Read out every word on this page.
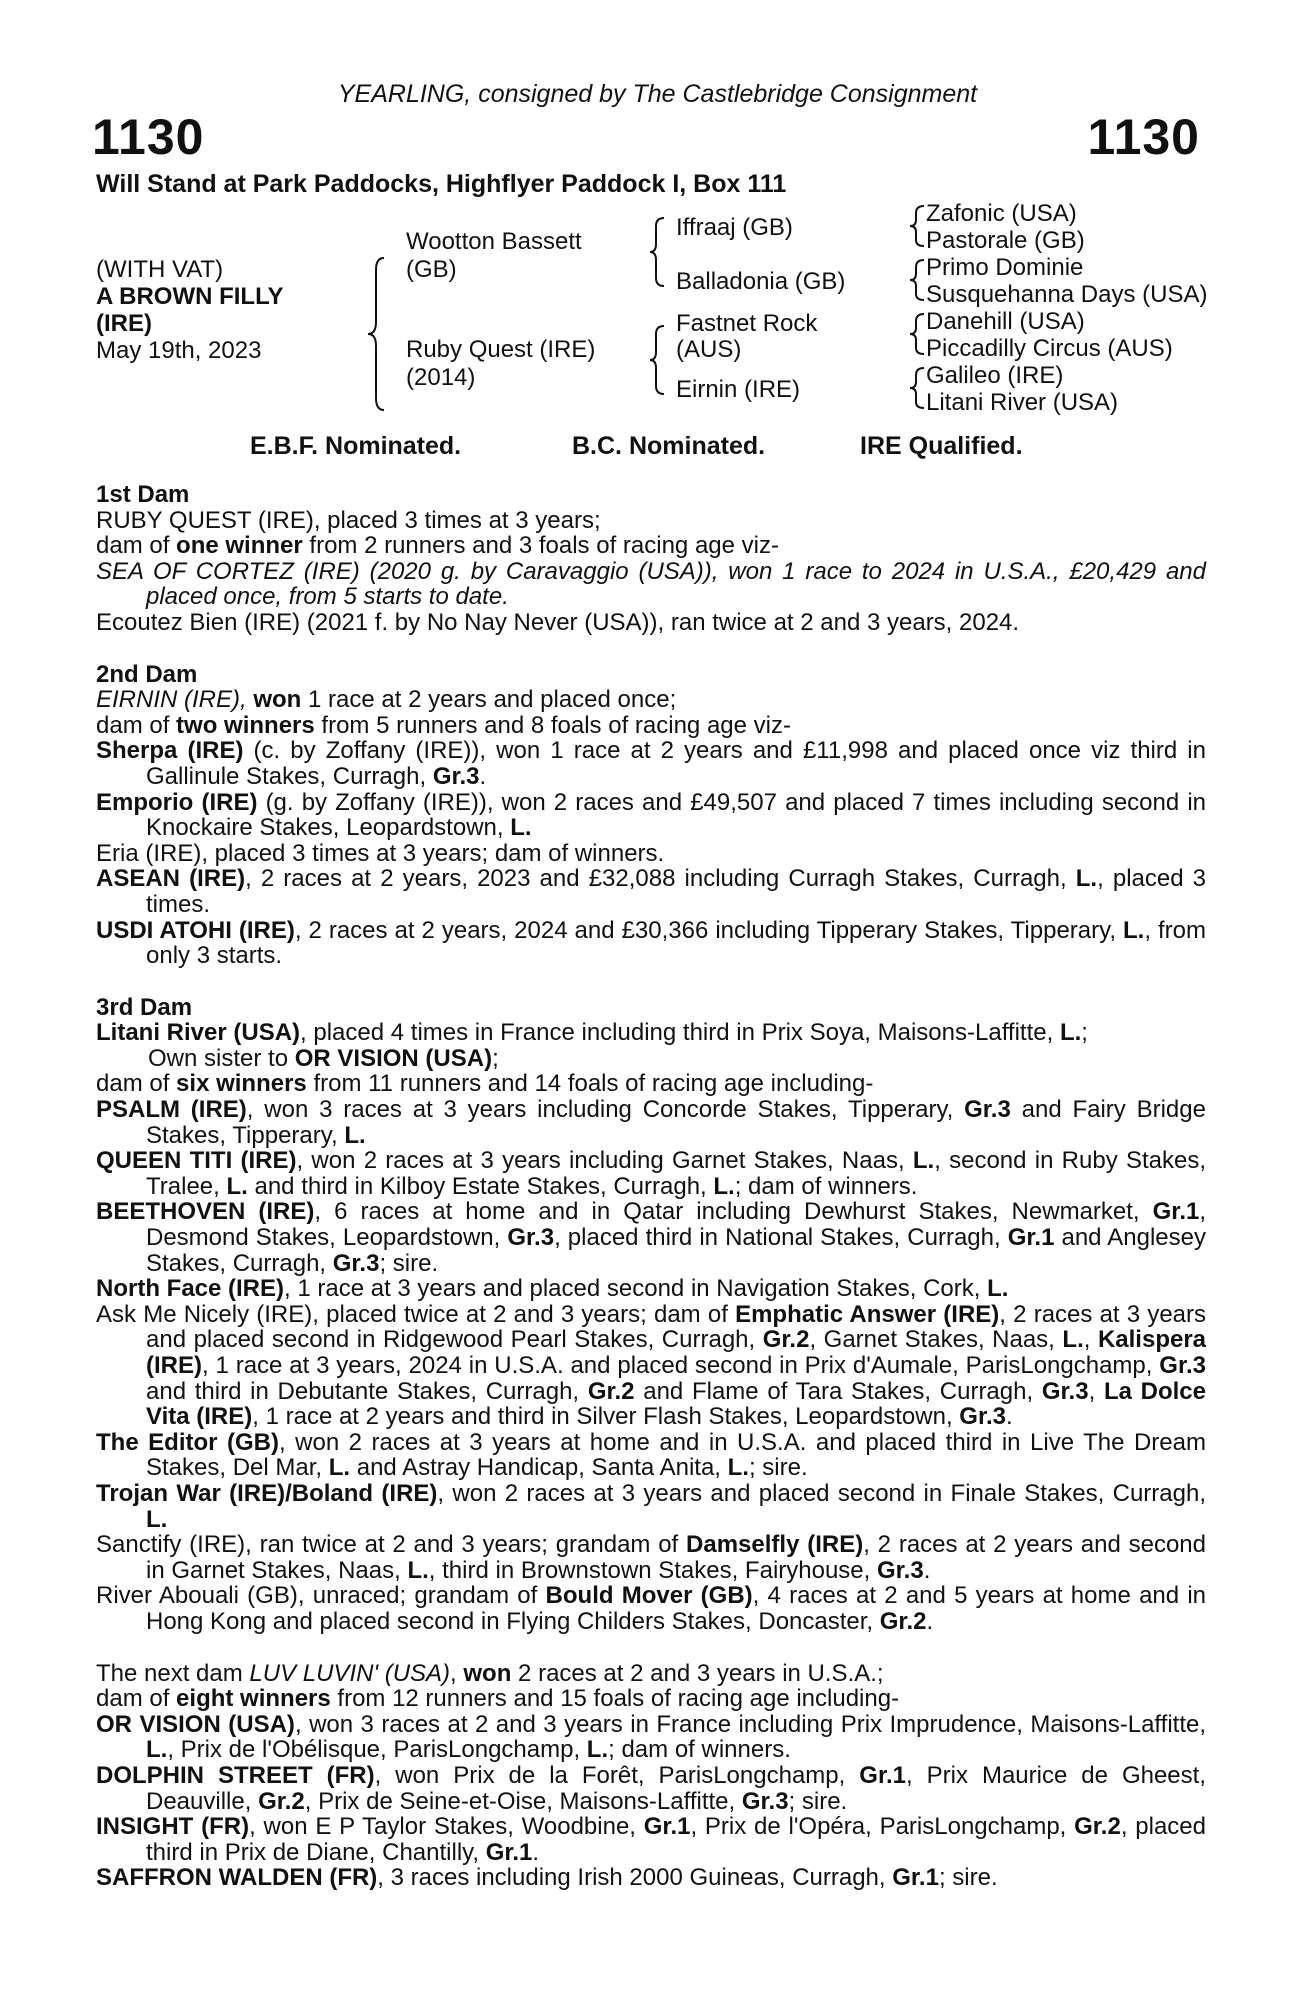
YEARLING, consigned by The Castlebridge Consignment
1130	1130
Will Stand at Park Paddocks, Highflyer Paddock I, Box 111
(WITH VAT)
A BROWN FILLY
(IRE)
May 19th, 2023
Wootton Bassett
(GB)
Ruby Quest (IRE)
(2014)
Iffraaj (GB)
Balladonia (GB)
Fastnet Rock
(AUS)
Eirnin (IRE)
Zafonic (USA)
Pastorale (GB)
Primo Dominie
Susquehanna Days (USA)
Danehill (USA)
Piccadilly Circus (AUS)
Galileo (IRE)
Litani River (USA)
E.B.F. Nominated.	B.C. Nominated.	IRE Qualified.

1st Dam

RUBY QUEST (IRE), placed 3 times at 3 years;

dam of one winner from 2 runners and 3 foals of racing age viz-

SEA OF CORTEZ (IRE) (2020 g. by Caravaggio (USA)), won 1 race to 2024 in U.S.A., £20,429 and placed once, from 5 starts to date.

Ecoutez Bien (IRE) (2021 f. by No Nay Never (USA)), ran twice at 2 and 3 years, 2024.

2nd Dam

EIRNIN (IRE), won 1 race at 2 years and placed once;

dam of two winners from 5 runners and 8 foals of racing age viz-

Sherpa (IRE) (c. by Zoffany (IRE)), won 1 race at 2 years and £11,998 and placed once viz third in Gallinule Stakes, Curragh, Gr.3.

Emporio (IRE) (g. by Zoffany (IRE)), won 2 races and £49,507 and placed 7 times including second in Knockaire Stakes, Leopardstown, L.

Eria (IRE), placed 3 times at 3 years; dam of winners.

ASEAN (IRE), 2 races at 2 years, 2023 and £32,088 including Curragh Stakes, Curragh, L., placed 3 times.

USDI ATOHI (IRE), 2 races at 2 years, 2024 and £30,366 including Tipperary Stakes, Tipperary, L., from only 3 starts.

3rd Dam

Litani River (USA), placed 4 times in France including third in Prix Soya, Maisons-Laffitte, L.;

Own sister to OR VISION (USA);

dam of six winners from 11 runners and 14 foals of racing age including-

PSALM (IRE), won 3 races at 3 years including Concorde Stakes, Tipperary, Gr.3 and Fairy Bridge Stakes, Tipperary, L.

QUEEN TITI (IRE), won 2 races at 3 years including Garnet Stakes, Naas, L., second in Ruby Stakes, Tralee, L. and third in Kilboy Estate Stakes, Curragh, L.; dam of winners.

BEETHOVEN (IRE), 6 races at home and in Qatar including Dewhurst Stakes, Newmarket, Gr.1, Desmond Stakes, Leopardstown, Gr.3, placed third in National Stakes, Curragh, Gr.1 and Anglesey Stakes, Curragh, Gr.3; sire.

North Face (IRE), 1 race at 3 years and placed second in Navigation Stakes, Cork, L.

Ask Me Nicely (IRE), placed twice at 2 and 3 years; dam of Emphatic Answer (IRE), 2 races at 3 years and placed second in Ridgewood Pearl Stakes, Curragh, Gr.2, Garnet Stakes, Naas, L., Kalispera (IRE), 1 race at 3 years, 2024 in U.S.A. and placed second in Prix d'Aumale, ParisLongchamp, Gr.3 and third in Debutante Stakes, Curragh, Gr.2 and Flame of Tara Stakes, Curragh, Gr.3, La Dolce Vita (IRE), 1 race at 2 years and third in Silver Flash Stakes, Leopardstown, Gr.3.

The Editor (GB), won 2 races at 3 years at home and in U.S.A. and placed third in Live The Dream Stakes, Del Mar, L. and Astray Handicap, Santa Anita, L.; sire.

Trojan War (IRE)/Boland (IRE), won 2 races at 3 years and placed second in Finale Stakes, Curragh, L.

Sanctify (IRE), ran twice at 2 and 3 years; grandam of Damselfly (IRE), 2 races at 2 years and second in Garnet Stakes, Naas, L., third in Brownstown Stakes, Fairyhouse, Gr.3.

River Abouali (GB), unraced; grandam of Bould Mover (GB), 4 races at 2 and 5 years at home and in Hong Kong and placed second in Flying Childers Stakes, Doncaster, Gr.2.

The next dam LUV LUVIN' (USA), won 2 races at 2 and 3 years in U.S.A.;

dam of eight winners from 12 runners and 15 foals of racing age including-

OR VISION (USA), won 3 races at 2 and 3 years in France including Prix Imprudence, Maisons-Laffitte, L., Prix de l'Obélisque, ParisLongchamp, L.; dam of winners.

DOLPHIN STREET (FR), won Prix de la Forêt, ParisLongchamp, Gr.1, Prix Maurice de Gheest, Deauville, Gr.2, Prix de Seine-et-Oise, Maisons-Laffitte, Gr.3; sire.

INSIGHT (FR), won E P Taylor Stakes, Woodbine, Gr.1, Prix de l'Opéra, ParisLongchamp, Gr.2, placed third in Prix de Diane, Chantilly, Gr.1.

SAFFRON WALDEN (FR), 3 races including Irish 2000 Guineas, Curragh, Gr.1; sire.
